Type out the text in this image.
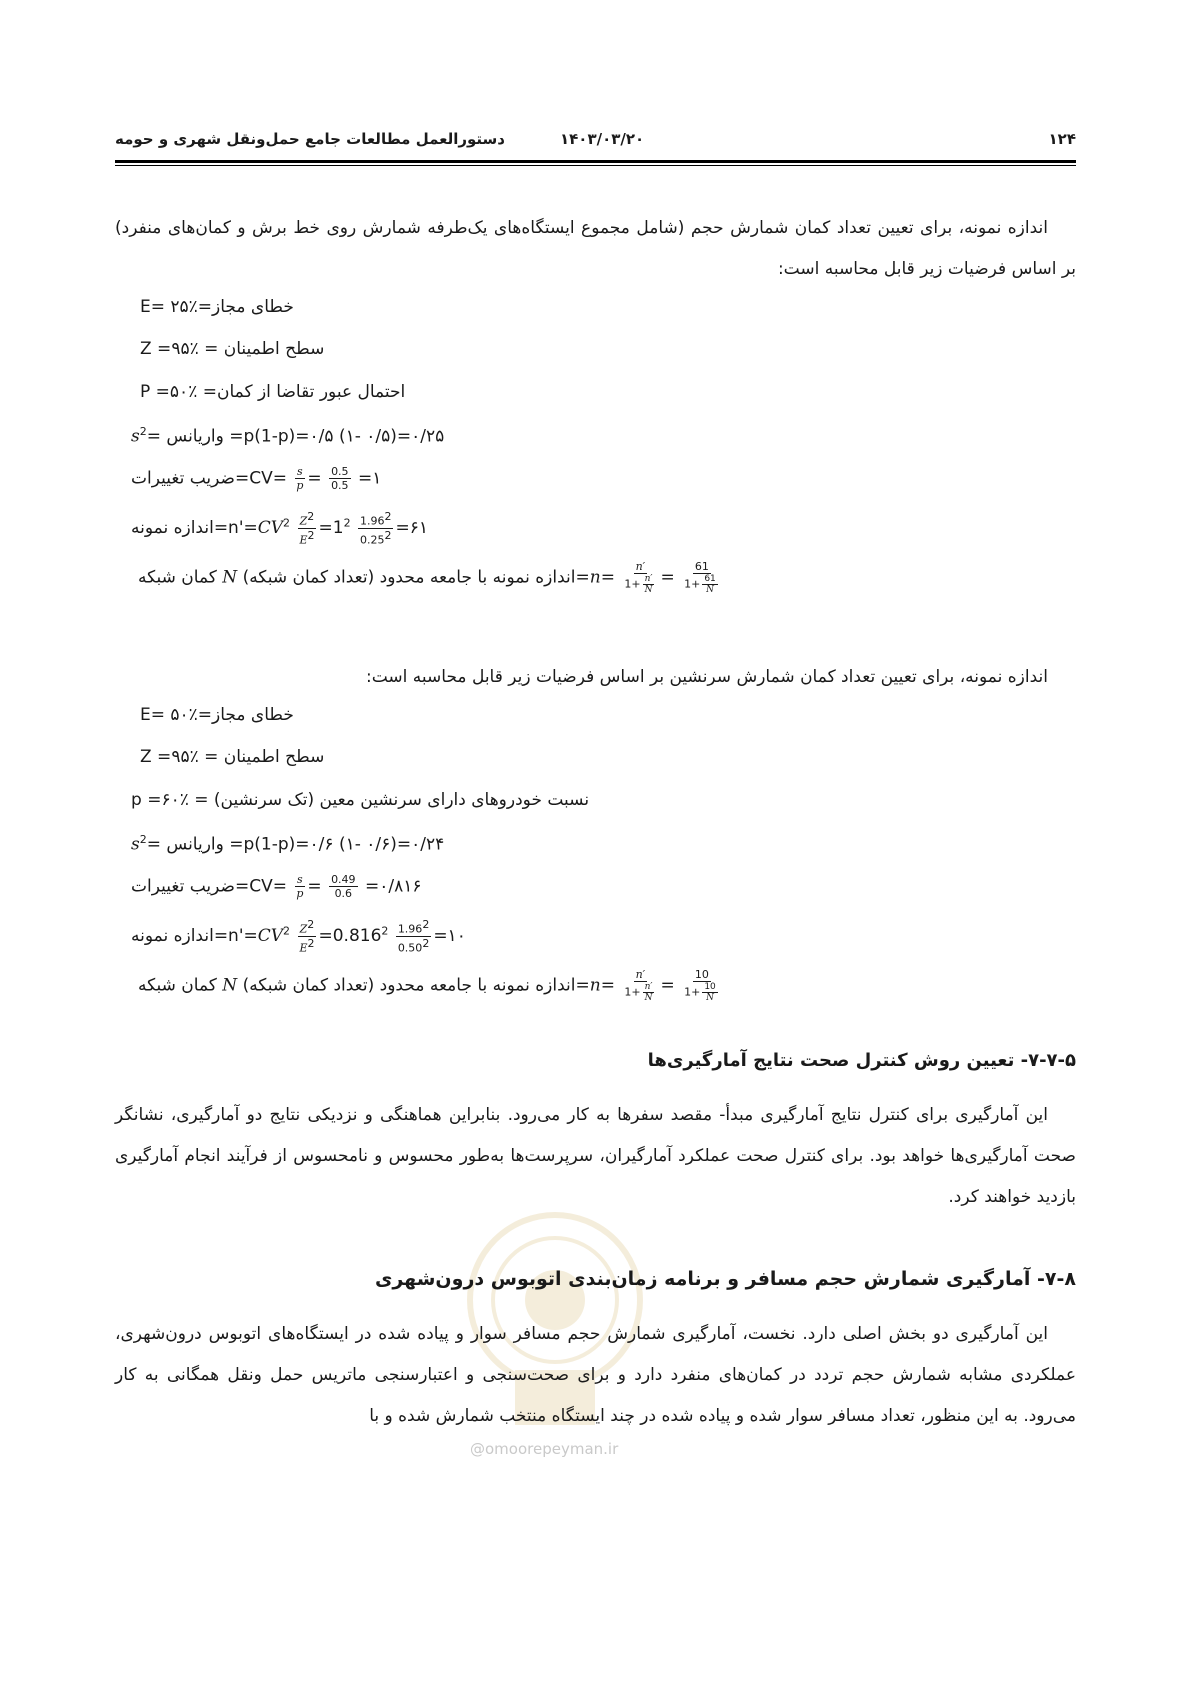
۱۲۴
۱۴۰۳/۰۳/۲۰
دستورالعمل مطالعات جامع حمل‌ونقل شهری و حومه
اندازه نمونه، برای تعیین تعداد کمان شمارش حجم (شامل مجموع ایستگاه‌های یک‌طرفه شمارش روی خط برش و کمان‌های منفرد) بر اساس فرضیات زیر قابل محاسبه است:
خطای مجاز=٪۲۵ =E
سطح اطمینان = ٪۹۵= Z
احتمال عبور تقاضا از کمان= ٪۵۰= P
$s^2=$ واریانس =p(1-p)=۰/۵ (۱- ۰/۵)=۰/۲۵
ضریب تغییرات=CV= $\frac{s}{p} = \frac{0.5}{0.5}$ =۱
اندازه $نمونه=n'=CV^2 \frac{Z^2}{E^2} =1^2 \frac{1.96^2}{0.25^2}$ =۶۱
کمان شبکه N اندازه نمونه با جامعه محدود (تعداد کمان شبکه)=n= $\frac{n'}{1+ \frac{n'}{N}} = \frac{61}{1+ \frac{61}{N}}$
اندازه نمونه، برای تعیین تعداد کمان شمارش سرنشین بر اساس فرضیات زیر قابل محاسبه است:
خطای مجاز=٪۵۰ =E
سطح اطمینان = ٪۹۵= Z
نسبت خودروهای دارای سرنشین معین (تک سرنشین) = ٪۶۰= p
$s^2=$ واریانس =p(1-p)=۰/۶ (۱- ۰/۶)=۰/۲۴
ضریب تغییرات=CV= $\frac{s}{p} = \frac{0.49}{0.6}$ =۰/۸۱۶
اندازه $نمونه=n'=CV^2 \frac{Z^2}{E^2} =0.816^2 \frac{1.96^2}{0.50^2}$ =۱۰
کمان شبکه N اندازه نمونه با جامعه محدود (تعداد کمان شبکه)=n= $\frac{n'}{1+ \frac{n'}{N}} = \frac{10}{1+ \frac{10}{N}}$
۷-۷-۵- تعیین روش کنترل صحت نتایج آمارگیری‌ها
این آمارگیری برای کنترل نتایج آمارگیری مبدأ- مقصد سفرها به کار می‌رود. بنابراین هماهنگی و نزدیکی نتایج دو آمارگیری، نشانگر صحت آمارگیری‌ها خواهد بود. برای کنترل صحت عملکرد آمارگیران، سرپرست‌ها به‌طور محسوس و نامحسوس از فرآیند انجام آمارگیری بازدید خواهند کرد.
@omoorepeyman.ir
۷-۸- آمارگیری شمارش حجم مسافر و برنامه زمان‌بندی اتوبوس درون‌شهری
این آمارگیری دو بخش اصلی دارد. نخست، آمارگیری شمارش حجم مسافر سوار و پیاده شده در ایستگاه‌های اتوبوس درون‌شهری، عملکردی مشابه شمارش حجم تردد در کمان‌های منفرد دارد و برای صحت‌سنجی و اعتبارسنجی ماتریس حمل ونقل همگانی به کار می‌رود. به این منظور، تعداد مسافر سوار شده و پیاده شده در چند ایستگاه منتخب شمارش شده و با
